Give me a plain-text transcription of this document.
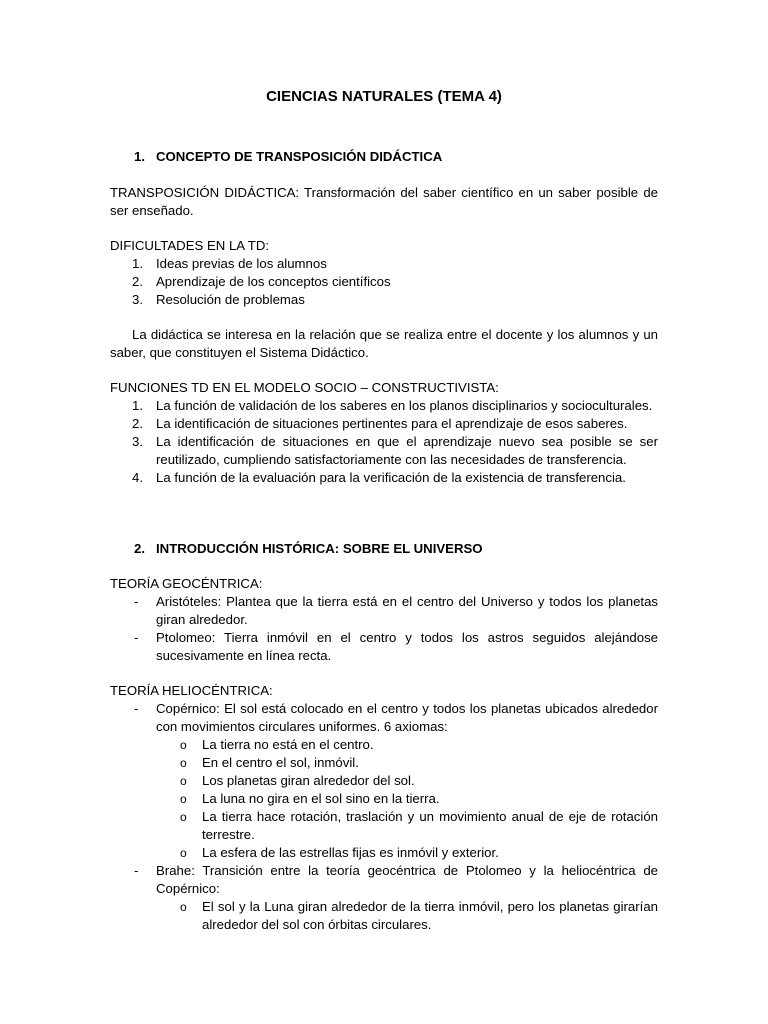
CIENCIAS NATURALES (TEMA 4)
1. CONCEPTO DE TRANSPOSICIÓN DIDÁCTICA

TRANSPOSICIÓN DIDÁCTICA: Transformación del saber científico en un saber posible de ser enseñado.

DIFICULTADES EN LA TD:

1. Ideas previas de los alumnos
2. Aprendizaje de los conceptos científicos
3. Resolución de problemas

La didáctica se interesa en la relación que se realiza entre el docente y los alumnos y un saber, que constituyen el Sistema Didáctico.

FUNCIONES TD EN EL MODELO SOCIO – CONSTRUCTIVISTA:

1. La función de validación de los saberes en los planos disciplinarios y socioculturales.
2. La identificación de situaciones pertinentes para el aprendizaje de esos saberes.
3. La identificación de situaciones en que el aprendizaje nuevo sea posible se ser reutilizado, cumpliendo satisfactoriamente con las necesidades de transferencia.
4. La función de la evaluación para la verificación de la existencia de transferencia.
2. INTRODUCCIÓN HISTÓRICA: SOBRE EL UNIVERSO

TEORÍA GEOCÉNTRICA:

- Aristóteles: Plantea que la tierra está en el centro del Universo y todos los planetas giran alrededor.
- Ptolomeo: Tierra inmóvil en el centro y todos los astros seguidos alejándose sucesivamente en línea recta.

TEORÍA HELIOCÉNTRICA:

- Copérnico: El sol está colocado en el centro y todos los planetas ubicados alrededor con movimientos circulares uniformes. 6 axiomas:
o La tierra no está en el centro.
o En el centro el sol, inmóvil.
o Los planetas giran alrededor del sol.
o La luna no gira en el sol sino en la tierra.
o La tierra hace rotación, traslación y un movimiento anual de eje de rotación terrestre.
o La esfera de las estrellas fijas es inmóvil y exterior.
- Brahe: Transición entre la teoría geocéntrica de Ptolomeo y la heliocéntrica de Copérnico:
o El sol y la Luna giran alrededor de la tierra inmóvil, pero los planetas girarían alrededor del sol con órbitas circulares.
